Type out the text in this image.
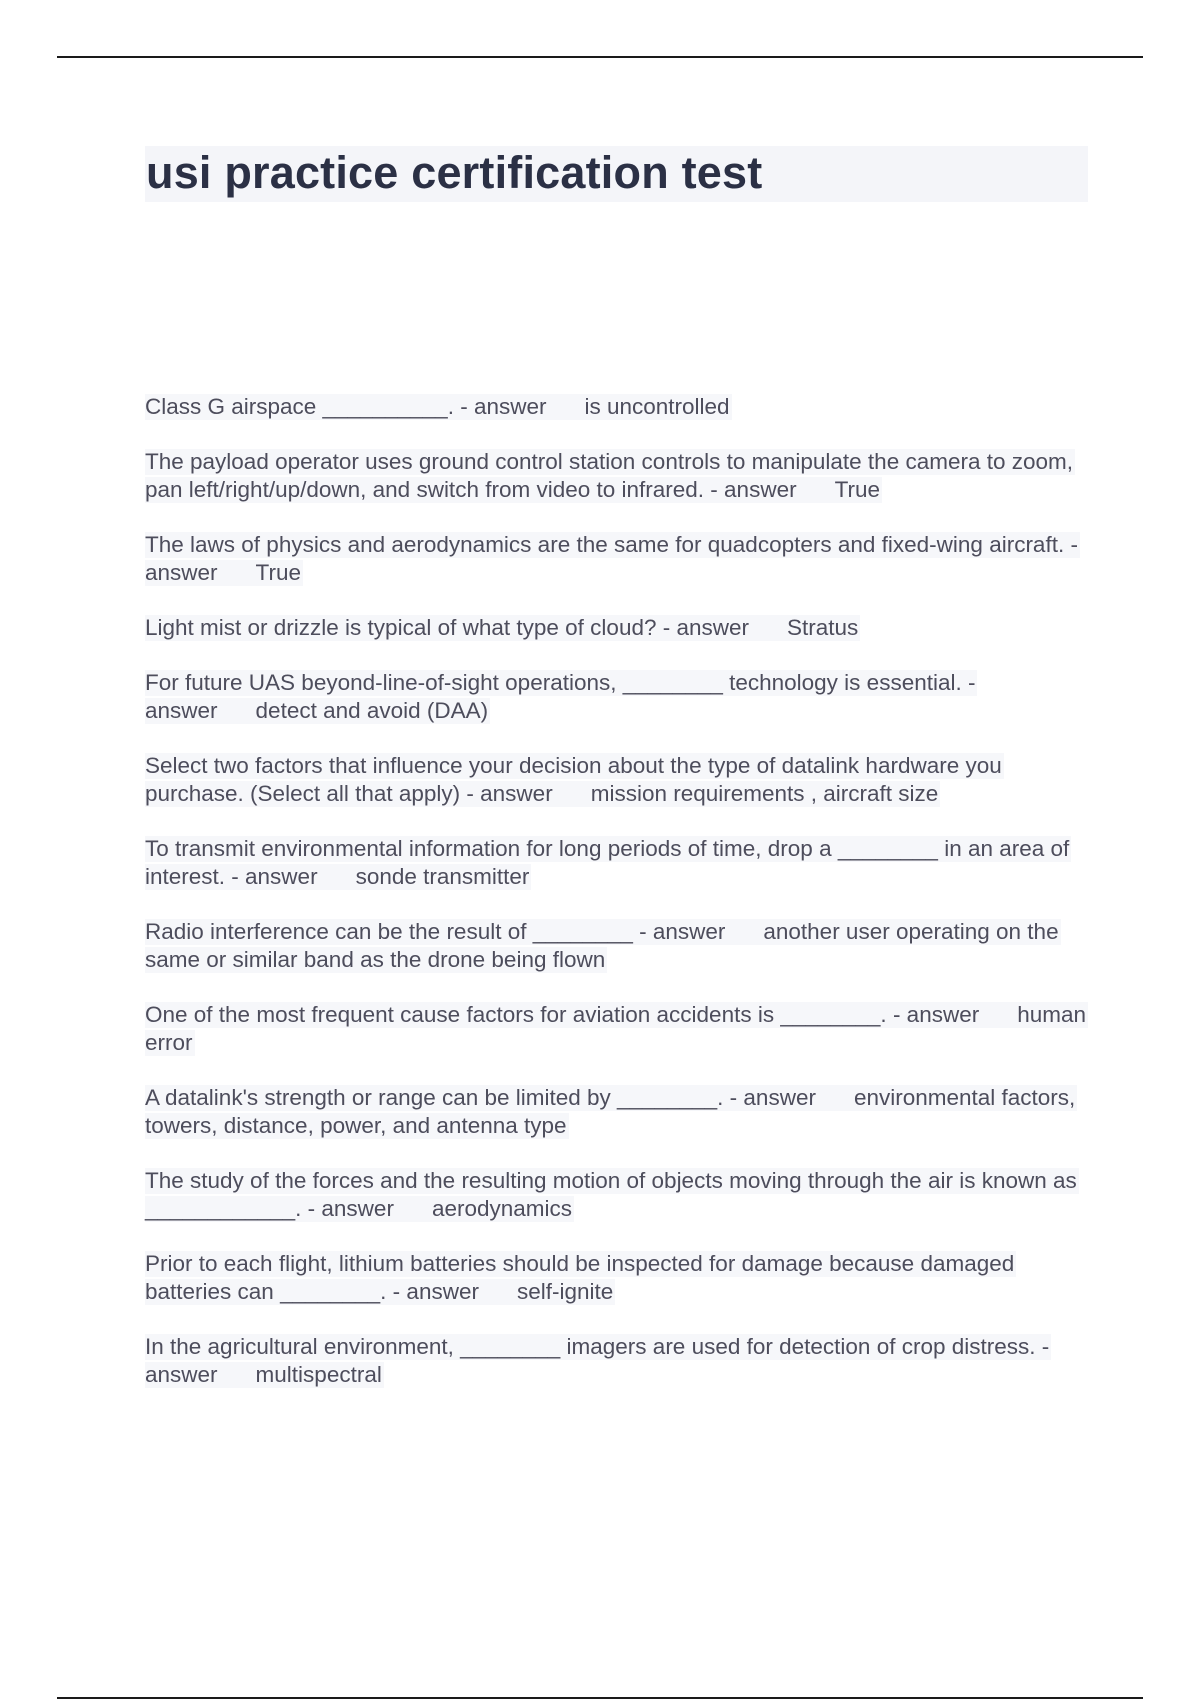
usi practice certification test

Class G airspace __________. - answer is uncontrolled

The payload operator uses ground control station controls to manipulate the camera to zoom, pan left/right/up/down, and switch from video to infrared. - answer True

The laws of physics and aerodynamics are the same for quadcopters and fixed-wing aircraft. - answer True

Light mist or drizzle is typical of what type of cloud? - answer Stratus

For future UAS beyond-line-of-sight operations, ________ technology is essential. - answer detect and avoid (DAA)

Select two factors that influence your decision about the type of datalink hardware you purchase. (Select all that apply) - answer mission requirements , aircraft size

To transmit environmental information for long periods of time, drop a ________ in an area of interest. - answer sonde transmitter

Radio interference can be the result of ________ - answer another user operating on the same or similar band as the drone being flown

One of the most frequent cause factors for aviation accidents is ________. - answer human error

A datalink's strength or range can be limited by ________. - answer environmental factors, towers, distance, power, and antenna type

The study of the forces and the resulting motion of objects moving through the air is known as ____________. - answer aerodynamics

Prior to each flight, lithium batteries should be inspected for damage because damaged batteries can ________. - answer self-ignite

In the agricultural environment, ________ imagers are used for detection of crop distress. - answer multispectral
